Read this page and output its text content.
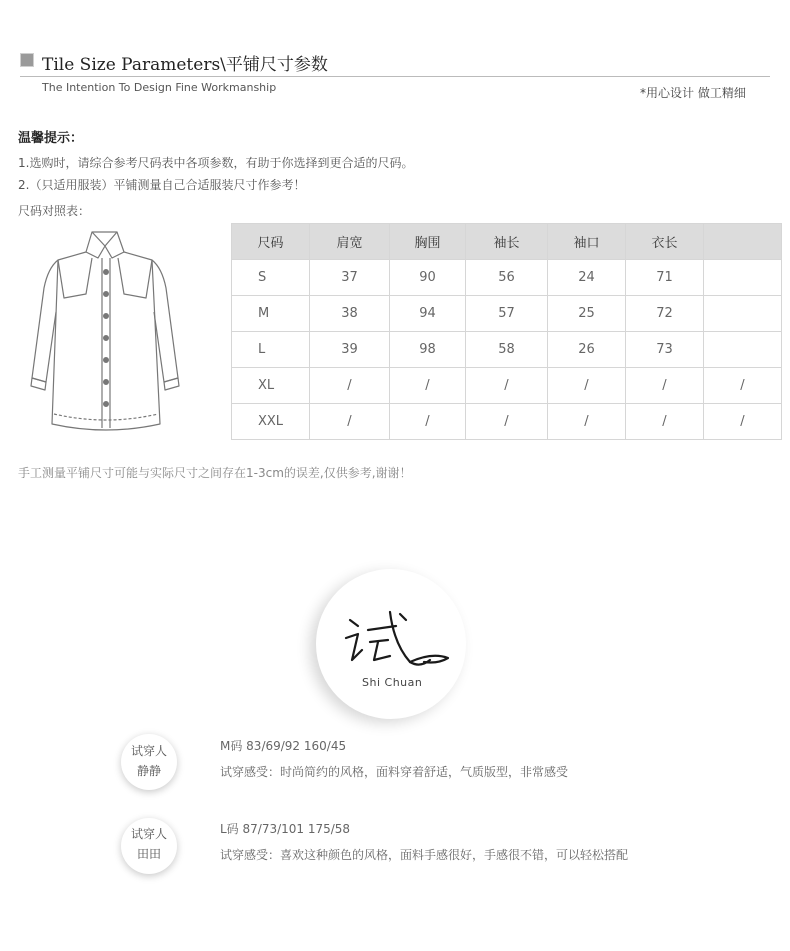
Tile Size Parameters\平铺尺寸参数
The Intention To Design Fine Workmanship	*用心设计 做工精细
温馨提示：
1.选购时，请综合参考尺码表中各项参数，有助于你选择到更合适的尺码。
2.（只适用服装）平铺测量自己合适服装尺寸作参考！
尺码对照表：
尺码	肩宽	胸围	袖长	袖口	衣长	
S	37	90	56	24	71	
M	38	94	57	25	72	
L	39	98	58	26	73	
XL	/	/	/	/	/	/
XXL	/	/	/	/	/	/
手工测量平铺尺寸可能与实际尺寸之间存在1-3cm的误差,仅供参考,谢谢！
Shi Chuan
试穿人
静静
M码 83/69/92 160/45
试穿感受：时尚简约的风格，面料穿着舒适，气质版型，非常感受
试穿人
田田
L码 87/73/101 175/58
试穿感受：喜欢这种颜色的风格，面料手感很好，手感很不错，可以轻松搭配
